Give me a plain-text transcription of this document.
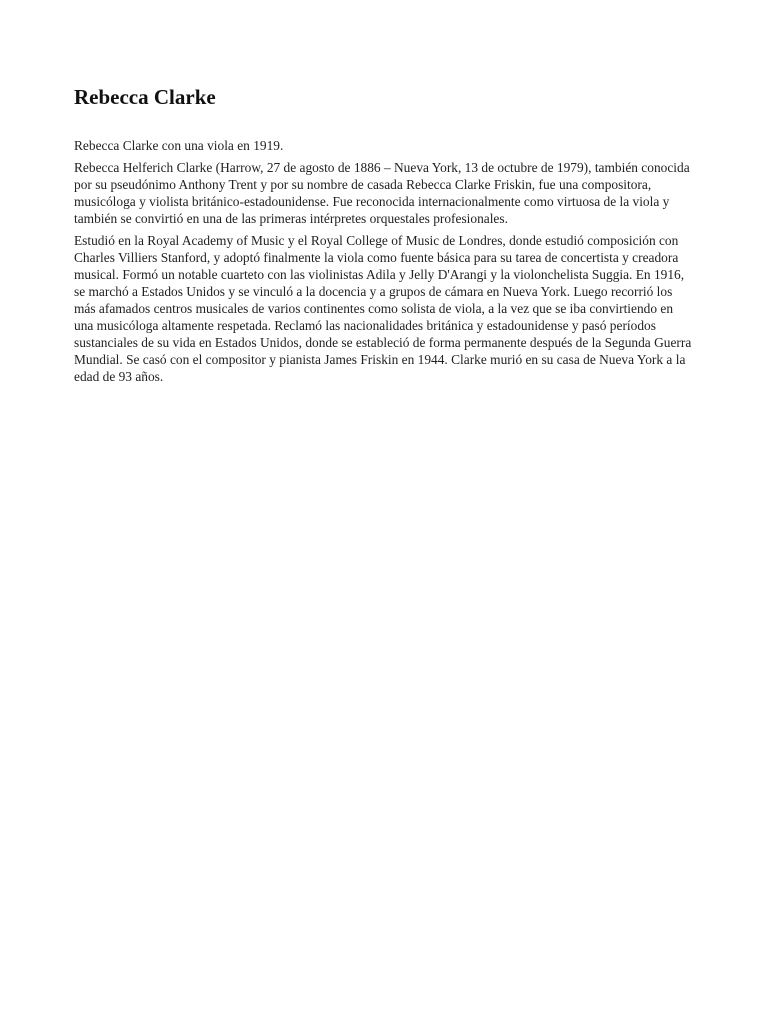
Rebecca Clarke

Rebecca Clarke con una viola en 1919.

Rebecca Helferich Clarke (Harrow, 27 de agosto de 1886 – Nueva York, 13 de octubre de 1979), también conocida por su pseudónimo Anthony Trent y por su nombre de casada Rebecca Clarke Friskin, fue una compositora, musicóloga y violista británico-estadounidense. Fue reconocida internacionalmente como virtuosa de la viola y también se convirtió en una de las primeras intérpretes orquestales profesionales.

Estudió en la Royal Academy of Music y el Royal College of Music de Londres, donde estudió composición con Charles Villiers Stanford, y adoptó finalmente la viola como fuente básica para su tarea de concertista y creadora musical. Formó un notable cuarteto con las violinistas Adila y Jelly D'Arangi y la violonchelista Suggia. En 1916, se marchó a Estados Unidos y se vinculó a la docencia y a grupos de cámara en Nueva York. Luego recorrió los más afamados centros musicales de varios continentes como solista de viola, a la vez que se iba convirtiendo en una musicóloga altamente respetada. Reclamó las nacionalidades británica y estadounidense y pasó períodos sustanciales de su vida en Estados Unidos, donde se estableció de forma permanente después de la Segunda Guerra Mundial. Se casó con el compositor y pianista James Friskin en 1944. Clarke murió en su casa de Nueva York a la edad de 93 años.
